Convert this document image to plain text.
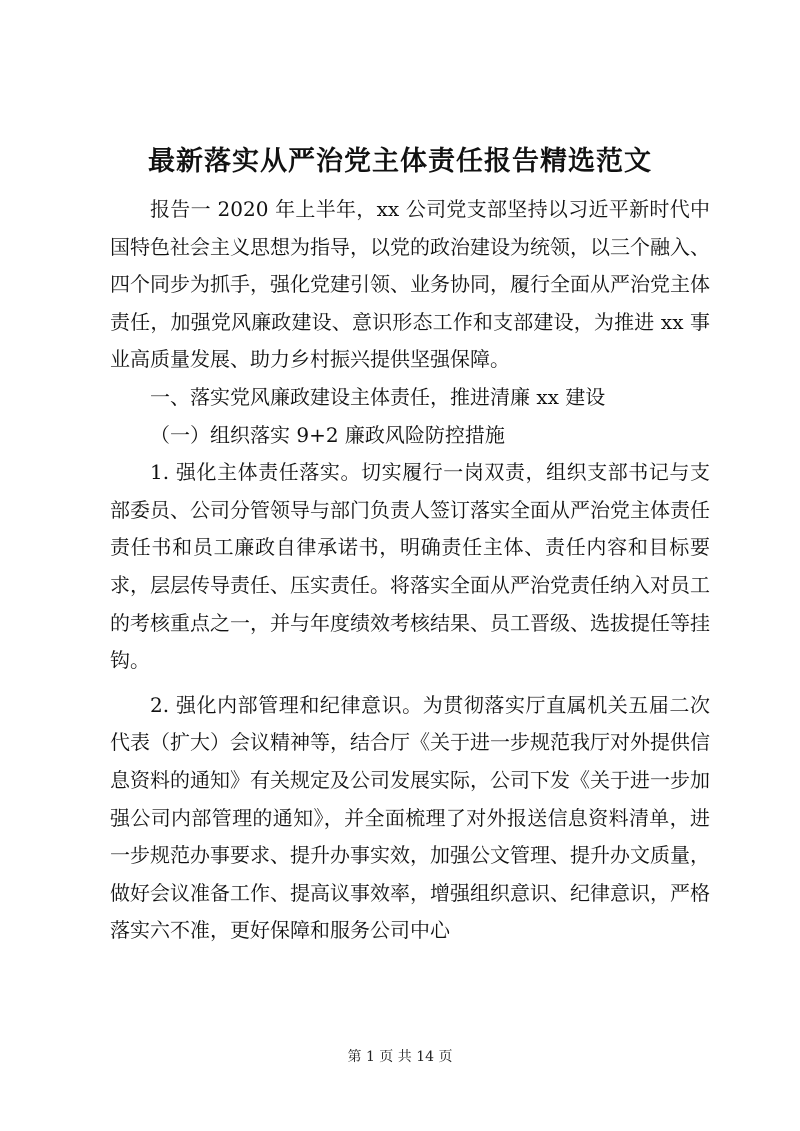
最新落实从严治党主体责任报告精选范文

报告一 2020 年上半年，xx 公司党支部坚持以习近平新时代中国特色社会主义思想为指导，以党的政治建设为统领，以三个融入、四个同步为抓手，强化党建引领、业务协同，履行全面从严治党主体责任，加强党风廉政建设、意识形态工作和支部建设，为推进 xx 事业高质量发展、助力乡村振兴提供坚强保障。

一、落实党风廉政建设主体责任，推进清廉 xx 建设

（一）组织落实 9+2 廉政风险防控措施

1. 强化主体责任落实。切实履行一岗双责，组织支部书记与支部委员、公司分管领导与部门负责人签订落实全面从严治党主体责任责任书和员工廉政自律承诺书，明确责任主体、责任内容和目标要求，层层传导责任、压实责任。将落实全面从严治党责任纳入对员工的考核重点之一，并与年度绩效考核结果、员工晋级、选拔提任等挂钩。

2. 强化内部管理和纪律意识。为贯彻落实厅直属机关五届二次代表（扩大）会议精神等，结合厅《关于进一步规范我厅对外提供信息资料的通知》有关规定及公司发展实际，公司下发《关于进一步加强公司内部管理的通知》，并全面梳理了对外报送信息资料清单，进一步规范办事要求、提升办事实效，加强公文管理、提升办文质量，做好会议准备工作、提高议事效率，增强组织意识、纪律意识，严格落实六不准，更好保障和服务公司中心

第 1 页 共 14 页
